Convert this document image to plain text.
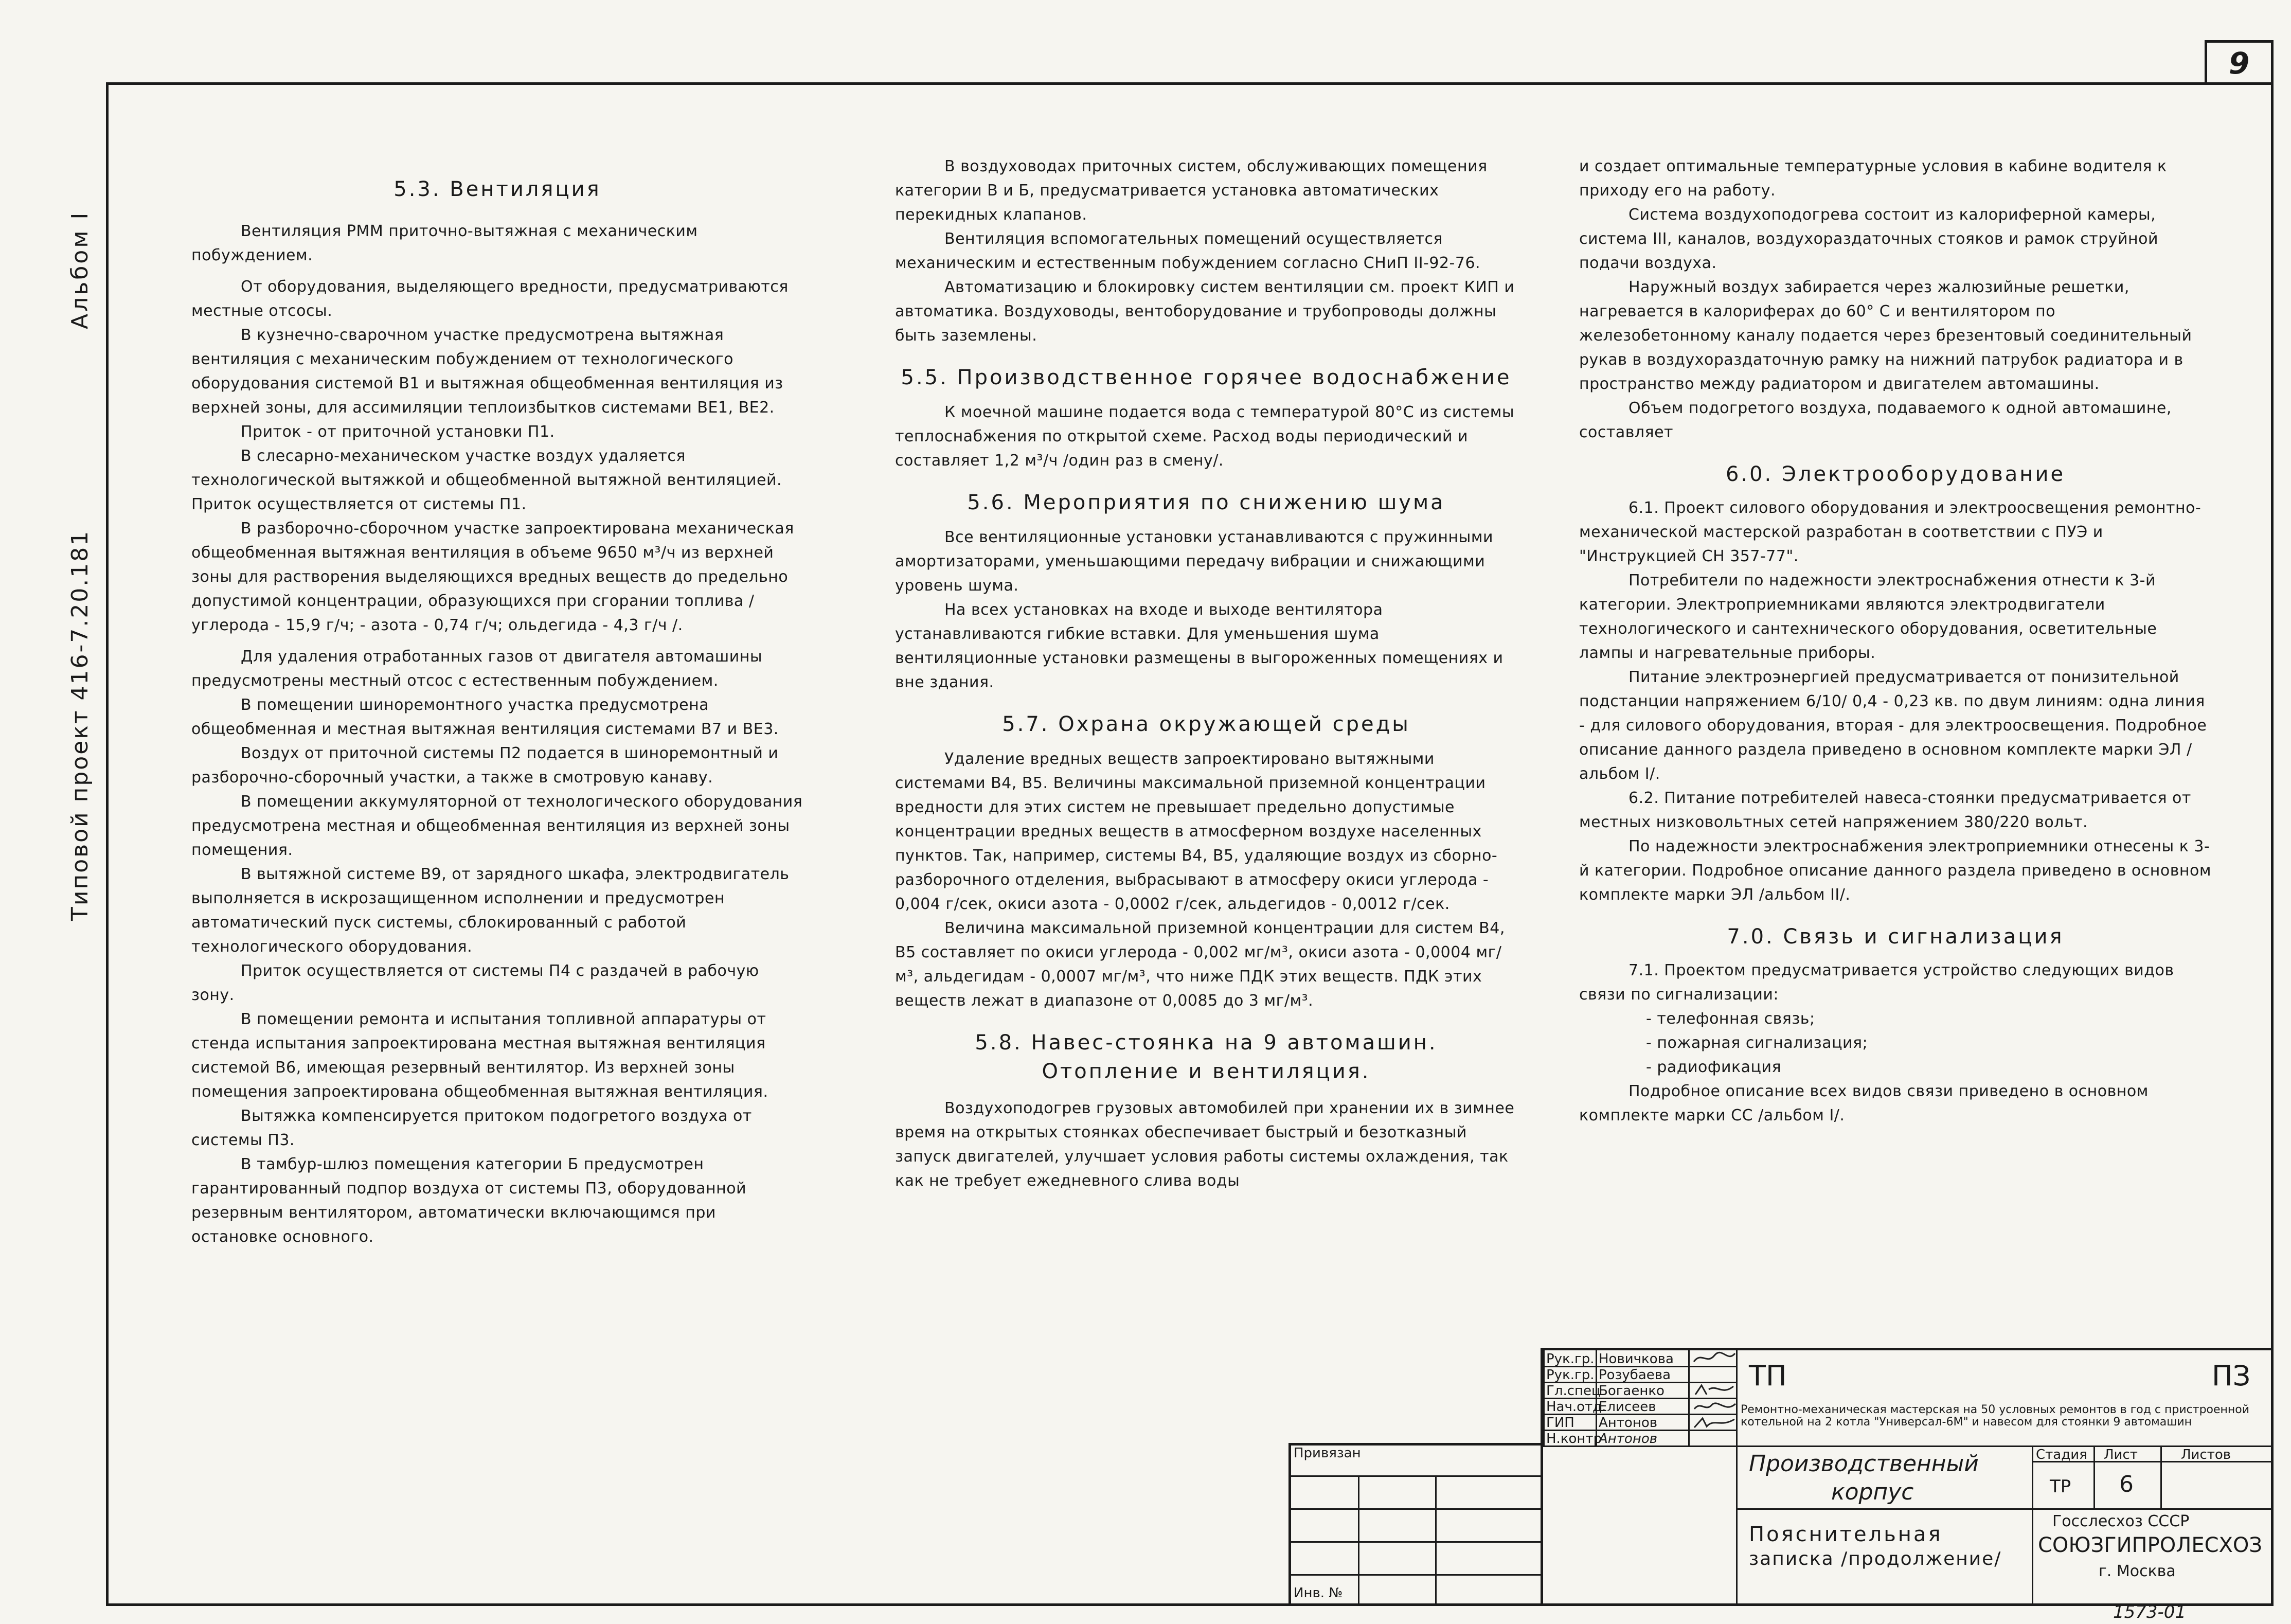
9
Альбом I
Типовой проект 416-7.20.181
5.3. Вентиляция

Вентиляция РММ приточно-вытяжная с механическим побуждением.

От оборудования, выделяющего вредности, предусматриваются местные отсосы.

В кузнечно-сварочном участке предусмотрена вытяжная вентиляция с механическим побуждением от технологического оборудования системой В1 и вытяжная общеобменная вентиляция из верхней зоны, для ассимиляции теплоизбытков системами ВЕ1, ВЕ2.

Приток - от приточной установки П1.

В слесарно-механическом участке воздух удаляется технологической вытяжкой и общеобменной вытяжной вентиляцией. Приток осуществляется от системы П1.

В разборочно-сборочном участке запроектирована механическая общеобменная вытяжная вентиляция в объеме 9650 м³/ч из верхней зоны для растворения выделяющихся вредных веществ до предельно допустимой концентрации, образующихся при сгорании топлива /углерода - 15,9 г/ч; - азота - 0,74 г/ч; ольдегида - 4,3 г/ч /.

Для удаления отработанных газов от двигателя автомашины предусмотрены местный отсос с естественным побуждением.

В помещении шиноремонтного участка предусмотрена общеобменная и местная вытяжная вентиляция системами В7 и ВЕ3.

Воздух от приточной системы П2 подается в шиноремонтный и разборочно-сборочный участки, а также в смотровую канаву.

В помещении аккумуляторной от технологического оборудования предусмотрена местная и общеобменная вентиляция из верхней зоны помещения.

В вытяжной системе В9, от зарядного шкафа, электродвигатель выполняется в искрозащищенном исполнении и предусмотрен автоматический пуск системы, сблокированный с работой технологического оборудования.

Приток осуществляется от системы П4 с раздачей в рабочую зону.

В помещении ремонта и испытания топливной аппаратуры от стенда испытания запроектирована местная вытяжная вентиляция системой В6, имеющая резервный вентилятор. Из верхней зоны помещения запроектирована общеобменная вытяжная вентиляция.

Вытяжка компенсируется притоком подогретого воздуха от системы П3.

В тамбур-шлюз помещения категории Б предусмотрен гарантированный подпор воздуха от системы П3, оборудованной резервным вентилятором, автоматически включающимся при остановке основного.

В воздуховодах приточных систем, обслуживающих помещения категории В и Б, предусматривается установка автоматических перекидных клапанов.

Вентиляция вспомогательных помещений осуществляется механическим и естественным побуждением согласно СНиП II-92-76.

Автоматизацию и блокировку систем вентиляции см. проект КИП и автоматика. Воздуховоды, вентоборудование и трубопроводы должны быть заземлены.

5.5. Производственное горячее водоснабжение

К моечной машине подается вода с температурой 80°С из системы теплоснабжения по открытой схеме. Расход воды периодический и составляет 1,2 м³/ч /один раз в смену/.

5.6. Мероприятия по снижению шума

Все вентиляционные установки устанавливаются с пружинными амортизаторами, уменьшающими передачу вибрации и снижающими уровень шума.

На всех установках на входе и выходе вентилятора устанавливаются гибкие вставки. Для уменьшения шума вентиляционные установки размещены в выгороженных помещениях и вне здания.

5.7. Охрана окружающей среды

Удаление вредных веществ запроектировано вытяжными системами В4, В5. Величины максимальной приземной концентрации вредности для этих систем не превышает предельно допустимые концентрации вредных веществ в атмосферном воздухе населенных пунктов. Так, например, системы В4, В5, удаляющие воздух из сборно-разборочного отделения, выбрасывают в атмосферу окиси углерода - 0,004 г/сек, окиси азота - 0,0002 г/сек, альдегидов - 0,0012 г/сек.

Величина максимальной приземной концентрации для систем В4, В5 составляет по окиси углерода - 0,002 мг/м³, окиси азота - 0,0004 мг/м³, альдегидам - 0,0007 мг/м³, что ниже ПДК этих веществ. ПДК этих веществ лежат в диапазоне от 0,0085 до 3 мг/м³.

5.8. Навес-стоянка на 9 автомашин.
Отопление и вентиляция.

Воздухоподогрев грузовых автомобилей при хранении их в зимнее время на открытых стоянках обеспечивает быстрый и безотказный запуск двигателей, улучшает условия работы системы охлаждения, так как не требует ежедневного слива воды

и создает оптимальные температурные условия в кабине водителя к приходу его на работу.

Система воздухоподогрева состоит из калориферной камеры, система III, каналов, воздухораздаточных стояков и рамок струйной подачи воздуха.

Наружный воздух забирается через жалюзийные решетки, нагревается в калориферах до 60° С и вентилятором по железобетонному каналу подается через брезентовый соединительный рукав в воздухораздаточную рамку на нижний патрубок радиатора и в пространство между радиатором и двигателем автомашины.

Объем подогретого воздуха, подаваемого к одной автомашине, составляет

6.0. Электрооборудование

6.1. Проект силового оборудования и электроосвещения ремонтно-механической мастерской разработан в соответствии с ПУЭ и "Инструкцией СН 357-77".

Потребители по надежности электроснабжения отнести к 3-й категории. Электроприемниками являются электродвигатели технологического и сантехнического оборудования, осветительные лампы и нагревательные приборы.

Питание электроэнергией предусматривается от понизительной подстанции напряжением 6/10/ 0,4 - 0,23 кв. по двум линиям: одна линия - для силового оборудования, вторая - для электроосвещения. Подробное описание данного раздела приведено в основном комплекте марки ЭЛ /альбом I/.

6.2. Питание потребителей навеса-стоянки предусматривается от местных низковольтных сетей напряжением 380/220 вольт.

По надежности электроснабжения электроприемники отнесены к 3-й категории. Подробное описание данного раздела приведено в основном комплекте марки ЭЛ /альбом II/.

7.0. Связь и сигнализация

7.1. Проектом предусматривается устройство следующих видов связи по сигнализации:

- телефонная связь;

- пожарная сигнализация;

- радиофикация

Подробное описание всех видов связи приведено в основном комплекте марки СС /альбом I/.

Привязан
Инв. №
Рук.гр.
Рук.гр.
Гл.спец
Нач.отд.
ГИП
Н.контр
Новичкова
Розубаева
Богаенко
Елисеев
Антонов
Антонов
ТП	ПЗ
Ремонтно-механическая мастерская на 50 условных ремонтов в год с пристроенной котельной на 2 котла "Универсал-6М" и навесом для стоянки 9 автомашин
Производственный
корпус
Стадия Лист	Листов
ТР 6
Пояснительная
записка /продолжение/
Госслесхоз СССР
СОЮЗГИПРОЛЕСХОЗ
г. Москва
1573-01
